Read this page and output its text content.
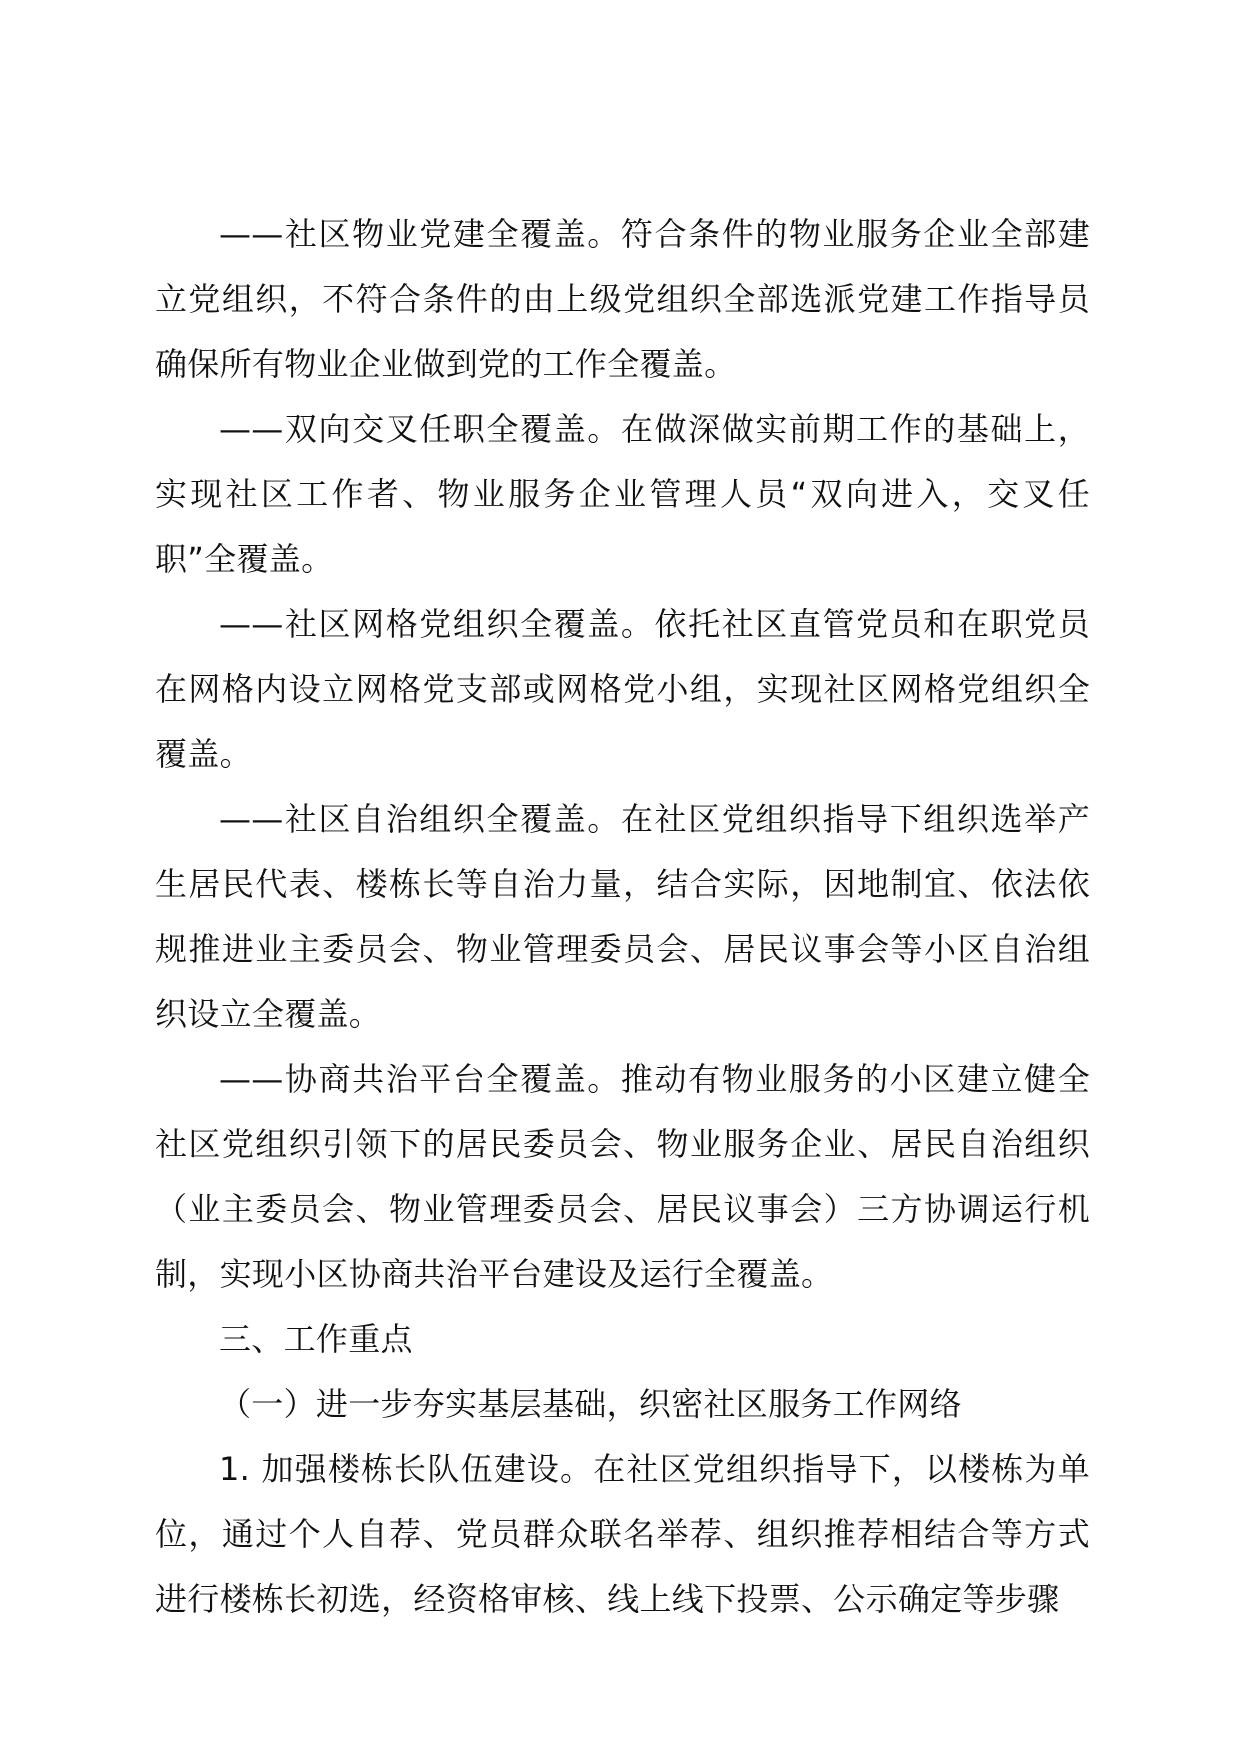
——社区物业党建全覆盖。符合条件的物业服务企业全部建立党组织，不符合条件的由上级党组织全部选派党建工作指导员确保所有物业企业做到党的工作全覆盖。

——双向交叉任职全覆盖。在做深做实前期工作的基础上，实现社区工作者、物业服务企业管理人员“双向进入，交叉任职”全覆盖。

——社区网格党组织全覆盖。依托社区直管党员和在职党员在网格内设立网格党支部或网格党小组，实现社区网格党组织全覆盖。

——社区自治组织全覆盖。在社区党组织指导下组织选举产生居民代表、楼栋长等自治力量，结合实际，因地制宜、依法依规推进业主委员会、物业管理委员会、居民议事会等小区自治组织设立全覆盖。

——协商共治平台全覆盖。推动有物业服务的小区建立健全社区党组织引领下的居民委员会、物业服务企业、居民自治组织（业主委员会、物业管理委员会、居民议事会）三方协调运行机制，实现小区协商共治平台建设及运行全覆盖。

三、工作重点

（一）进一步夯实基层基础，织密社区服务工作网络

1. 加强楼栋长队伍建设。在社区党组织指导下，以楼栋为单位，通过个人自荐、党员群众联名举荐、组织推荐相结合等方式进行楼栋长初选，经资格审核、线上线下投票、公示确定等步骤
